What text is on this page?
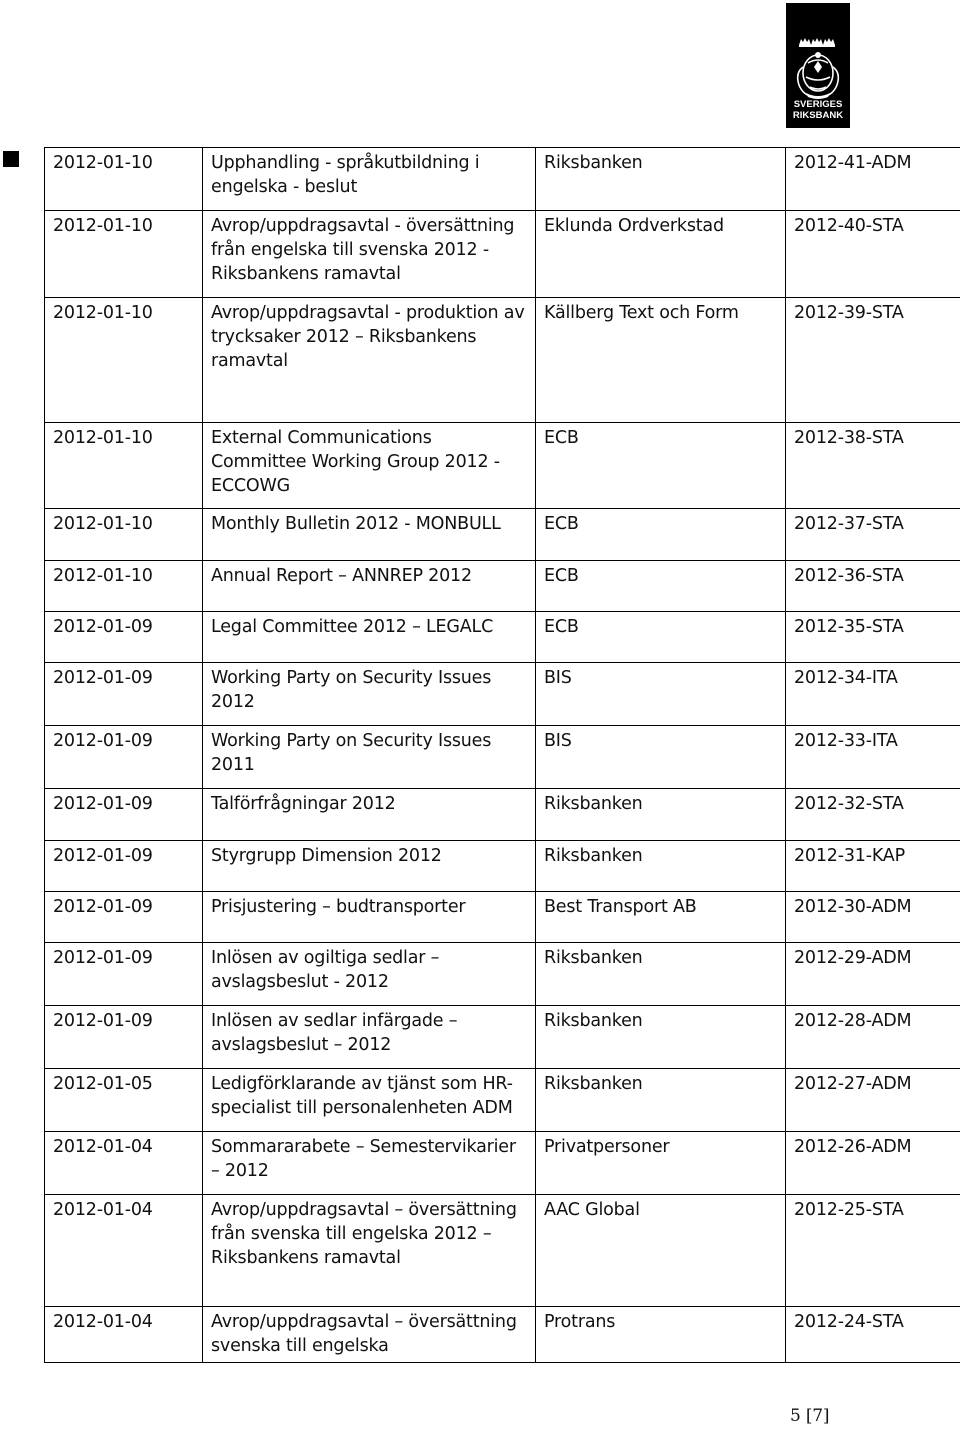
SVERIGES
RIKSBANK
2012-01-10	Upphandling - språkutbildning i engelska - beslut	Riksbanken	2012-41-ADM
2012-01-10	Avrop/uppdragsavtal - översättning från engelska till svenska 2012 - Riksbankens ramavtal	Eklunda Ordverkstad	2012-40-STA
2012-01-10	Avrop/uppdragsavtal - produktion av trycksaker 2012 – Riksbankens ramavtal	Källberg Text och Form	2012-39-STA
2012-01-10	External Communications Committee Working Group 2012 - ECCOWG	ECB	2012-38-STA
2012-01-10	Monthly Bulletin 2012 - MONBULL	ECB	2012-37-STA
2012-01-10	Annual Report – ANNREP 2012	ECB	2012-36-STA
2012-01-09	Legal Committee 2012 – LEGALC	ECB	2012-35-STA
2012-01-09	Working Party on Security Issues 2012	BIS	2012-34-ITA
2012-01-09	Working Party on Security Issues 2011	BIS	2012-33-ITA
2012-01-09	Talförfrågningar 2012	Riksbanken	2012-32-STA
2012-01-09	Styrgrupp Dimension 2012	Riksbanken	2012-31-KAP
2012-01-09	Prisjustering – budtransporter	Best Transport AB	2012-30-ADM
2012-01-09	Inlösen av ogiltiga sedlar – avslagsbeslut - 2012	Riksbanken	2012-29-ADM
2012-01-09	Inlösen av sedlar infärgade – avslagsbeslut – 2012	Riksbanken	2012-28-ADM
2012-01-05	Ledigförklarande av tjänst som HR-specialist till personalenheten ADM	Riksbanken	2012-27-ADM
2012-01-04	Sommararabete – Semestervikarier – 2012	Privatpersoner	2012-26-ADM
2012-01-04	Avrop/uppdragsavtal – översättning från svenska till engelska 2012 – Riksbankens ramavtal	AAC Global	2012-25-STA
2012-01-04	Avrop/uppdragsavtal – översättning svenska till engelska	Protrans	2012-24-STA
5 [7]
